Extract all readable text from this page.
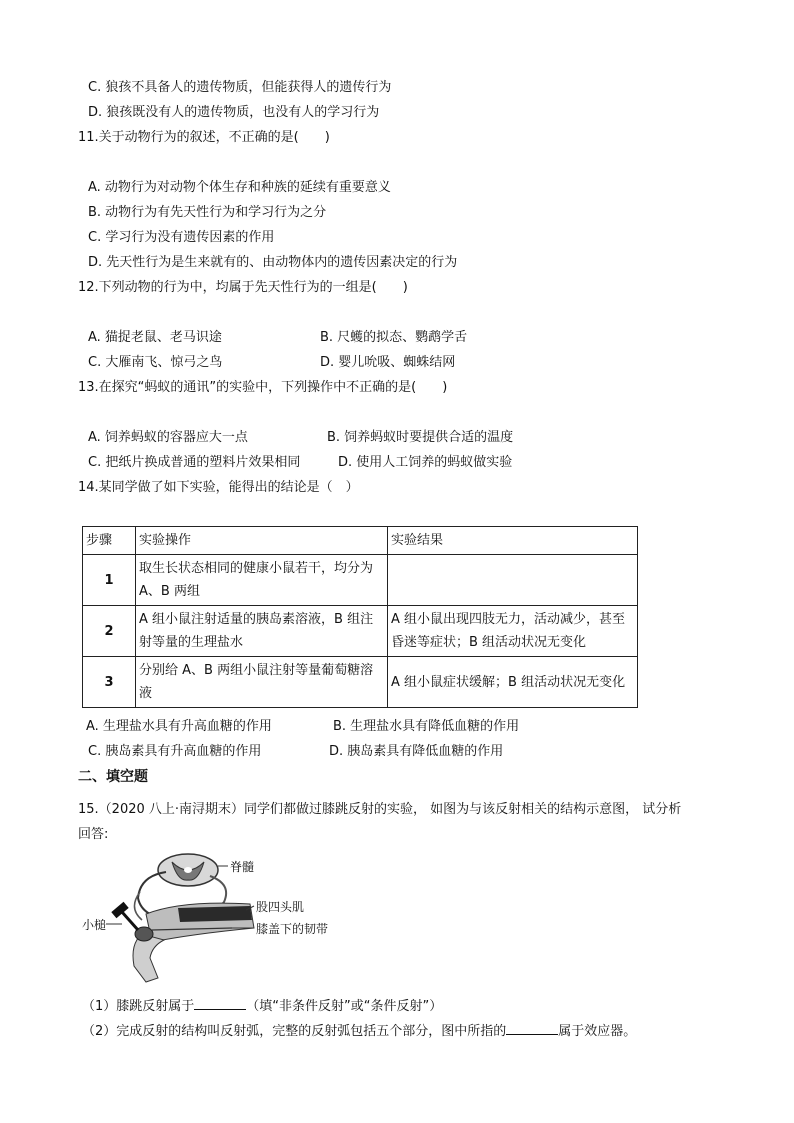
C. 狼孩不具备人的遗传物质，但能获得人的遗传行为
D. 狼孩既没有人的遗传物质，也没有人的学习行为
11.关于动物行为的叙述，不正确的是(　　)
A. 动物行为对动物个体生存和种族的延续有重要意义
B. 动物行为有先天性行为和学习行为之分
C. 学习行为没有遗传因素的作用
D. 先天性行为是生来就有的、由动物体内的遗传因素决定的行为
12.下列动物的行为中，均属于先天性行为的一组是(　　)
A. 猫捉老鼠、老马识途	B. 尺蠖的拟态、鹦鹉学舌
C. 大雁南飞、惊弓之鸟	D. 婴儿吮吸、蜘蛛结网
13.在探究“蚂蚁的通讯”的实验中，下列操作中不正确的是(　　)
A. 饲养蚂蚁的容器应大一点	B. 饲养蚂蚁时要提供合适的温度
C. 把纸片换成普通的塑料片效果相同	D. 使用人工饲养的蚂蚁做实验
14.某同学做了如下实验，能得出的结论是（　）
步骤	实验操作	实验结果
1	取生长状态相同的健康小鼠若干，均分为A、B 两组	
2	A 组小鼠注射适量的胰岛素溶液，B 组注射等量的生理盐水	A 组小鼠出现四肢无力，活动减少，甚至昏迷等症状；B 组活动状况无变化
3	分别给 A、B 两组小鼠注射等量葡萄糖溶液	A 组小鼠症状缓解；B 组活动状况无变化
A. 生理盐水具有升高血糖的作用	B. 生理盐水具有降低血糖的作用
C. 胰岛素具有升高血糖的作用	D. 胰岛素具有降低血糖的作用
二、填空题
15.（2020 八上·南浔期末）同学们都做过膝跳反射的实验， 如图为与该反射相关的结构示意图， 试分析
回答:
脊髓
股四头肌
膝盖下的韧带
小槌
（1）膝跳反射属于	（填“非条件反射”或“条件反射”）
（2）完成反射的结构叫反射弧，完整的反射弧包括五个部分，图中所指的	属于效应器。
